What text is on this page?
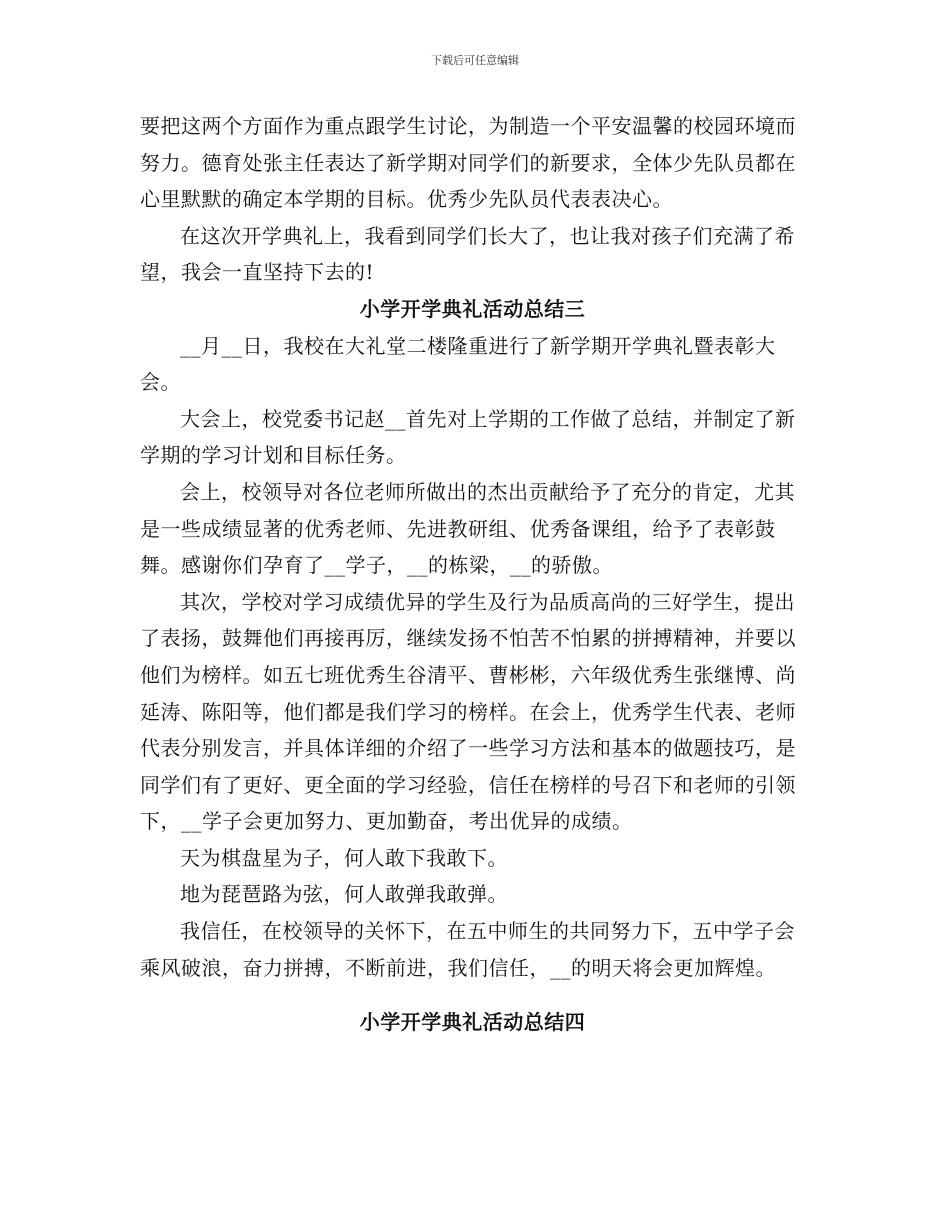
下载后可任意编辑

要把这两个方面作为重点跟学生讨论，为制造一个平安温馨的校园环境而努力。德育处张主任表达了新学期对同学们的新要求，全体少先队员都在心里默默的确定本学期的目标。优秀少先队员代表表决心。

在这次开学典礼上，我看到同学们长大了，也让我对孩子们充满了希望，我会一直坚持下去的!

小学开学典礼活动总结三

__月__日，我校在大礼堂二楼隆重进行了新学期开学典礼暨表彰大会。

大会上，校党委书记赵__首先对上学期的工作做了总结，并制定了新学期的学习计划和目标任务。

会上，校领导对各位老师所做出的杰出贡献给予了充分的肯定，尤其是一些成绩显著的优秀老师、先进教研组、优秀备课组，给予了表彰鼓舞。感谢你们孕育了__学子，__的栋梁，__的骄傲。

其次，学校对学习成绩优异的学生及行为品质高尚的三好学生，提出了表扬，鼓舞他们再接再厉，继续发扬不怕苦不怕累的拼搏精神，并要以他们为榜样。如五七班优秀生谷清平、曹彬彬，六年级优秀生张继博、尚延涛、陈阳等，他们都是我们学习的榜样。在会上，优秀学生代表、老师代表分别发言，并具体详细的介绍了一些学习方法和基本的做题技巧，是同学们有了更好、更全面的学习经验，信任在榜样的号召下和老师的引领下，__学子会更加努力、更加勤奋，考出优异的成绩。

天为棋盘星为子，何人敢下我敢下。

地为琵琶路为弦，何人敢弹我敢弹。

我信任，在校领导的关怀下，在五中师生的共同努力下，五中学子会乘风破浪，奋力拼搏，不断前进，我们信任，__的明天将会更加辉煌。

小学开学典礼活动总结四
